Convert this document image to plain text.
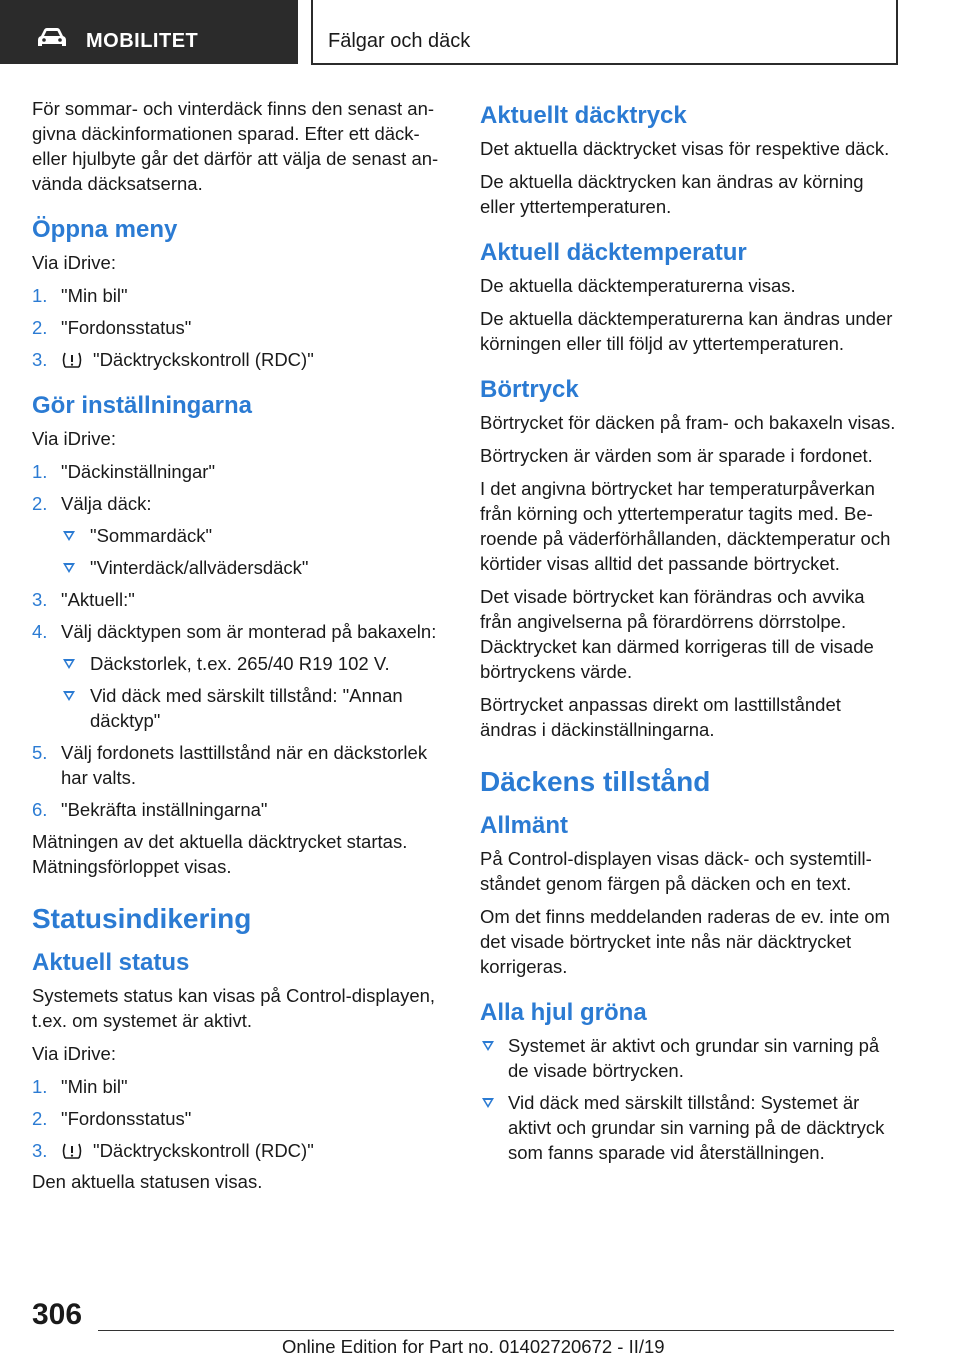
MOBILITET	Fälgar och däck

För sommar- och vinterdäck finns den senast angivna däckinformationen sparad. Efter ett däck- eller hjulbyte går det därför att välja de senast använda däcksatserna.

Öppna meny

Via iDrive:

1. "Min bil"
2. "Fordonsstatus"
3. "Däcktryckskontroll (RDC)"
Gör inställningarna

Via iDrive:

1. "Däckinställningar"
2. Välja däck:
"Sommardäck"
"Vinterdäck/allvädersdäck"
3. "Aktuell:"
4. Välj däcktypen som är monterad på bakaxeln:
Däckstorlek, t.ex. 265/40 R19 102 V.
Vid däck med särskilt tillstånd: "Annan däcktyp"
5. Välj fordonets lasttillstånd när en däckstorlek har valts.
6. "Bekräfta inställningarna"

Mätningen av det aktuella däcktrycket startas. Mätningsförloppet visas.

Statusindikering
Aktuell status

Systemets status kan visas på Control-displayen, t.ex. om systemet är aktivt.

Via iDrive:

1. "Min bil"
2. "Fordonsstatus"
3. "Däcktryckskontroll (RDC)"

Den aktuella statusen visas.

Aktuellt däcktryck

Det aktuella däcktrycket visas för respektive däck.

De aktuella däcktrycken kan ändras av körning eller yttertemperaturen.

Aktuell däcktemperatur

De aktuella däcktemperaturerna visas.

De aktuella däcktemperaturerna kan ändras under körningen eller till följd av yttertemperaturen.

Börtryck

Börtrycket för däcken på fram- och bakaxeln visas.

Börtrycken är värden som är sparade i fordonet.

I det angivna börtrycket har temperaturpåverkan från körning och yttertemperatur tagits med. Beroende på väderförhållanden, däcktemperatur och körtider visas alltid det passande börtrycket.

Det visade börtrycket kan förändras och avvika från angivelserna på förardörrens dörrstolpe. Däcktrycket kan därmed korrigeras till de visade börtryckens värde.

Börtrycket anpassas direkt om lasttillståndet ändras i däckinställningarna.

Däckens tillstånd
Allmänt

På Control-displayen visas däck- och systemtillståndet genom färgen på däcken och en text.

Om det finns meddelanden raderas de ev. inte om det visade börtrycket inte nås när däcktrycket korrigeras.

Alla hjul gröna
Systemet är aktivt och grundar sin varning på de visade börtrycken.
Vid däck med särskilt tillstånd: Systemet är aktivt och grundar sin varning på de däcktryck som fanns sparade vid återställningen.
306
Online Edition for Part no. 01402720672 - II/19
